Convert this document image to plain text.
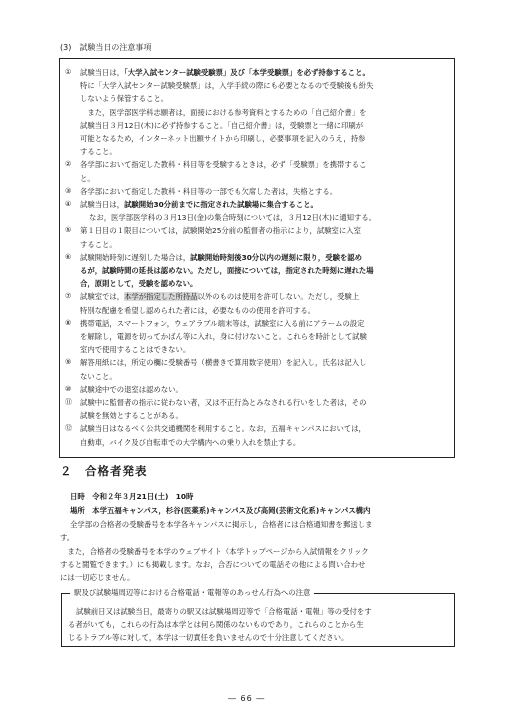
(3)　試験当日の注意事項
①	試験当日は，「大学入試センター試験受験票」及び「本学受験票」を必ず持参すること。
特に「大学入試センター試験受験票」は，入学手続の際にも必要となるので受験後も紛失
しないよう保管すること。
　また，医学部医学科志願者は，面接における参考資料とするための「自己紹介書」を
試験当日３月12日(木)に必ず持参すること。「自己紹介書」は，受験票と一緒に印刷が
可能となるため，インターネット出願サイトから印刷し，必要事項を記入のうえ，持参
すること。
②	各学部において指定した教科・科目等を受験するときは，必ず「受験票」を携帯するこ
と。
③	各学部において指定した教科・科目等の一部でも欠席した者は，失格とする。
④	試験当日は，試験開始30分前までに指定された試験場に集合すること。
なお，医学部医学科の３月13日(金)の集合時刻については，３月12日(木)に通知する。
⑤	第１日目の１限目については，試験開始25分前の監督者の指示により，試験室に入室
すること。
⑥	試験開始時刻に遅刻した場合は，試験開始時刻後30分以内の遅刻に限り，受験を認め
るが，試験時間の延長は認めない。ただし，面接については，指定された時刻に遅れた場
合，原則として，受験を認めない。
⑦	試験室では，本学が指定した所持品以外のものは使用を許可しない。ただし，受験上
特別な配慮を希望し認められた者には，必要なものの使用を許可する。
⑧	携帯電話，スマートフォン，ウェアラブル端末等は，試験室に入る前にアラームの設定
を解除し，電源を切ってかばん等に入れ，身に付けないこと。これらを時計として試験
室内で使用することはできない。
⑨	解答用紙には，所定の欄に受験番号（横書きで算用数字使用）を記入し，氏名は記入し
ないこと。
⑩	試験途中での退室は認めない。
⑪	試験中に監督者の指示に従わない者，又は不正行為とみなされる行いをした者は，その
試験を無効とすることがある。
⑫	試験当日はなるべく公共交通機関を利用すること。なお，五福キャンパスにおいては，
自動車，バイク及び自転車での大学構内への乗り入れを禁止する。
２　合格者発表
日時　令和２年３月21日(土)　10時
場所　本学五福キャンパス，杉谷(医薬系)キャンパス及び高岡(芸術文化系)キャンパス構内
全学部の合格者の受験番号を本学各キャンパスに掲示し，合格者には合格通知書を郵送しま
す。
　また，合格者の受験番号を本学のウェブサイト（本学トップページから入試情報をクリック
すると閲覧できます。）にも掲載します。なお，合否についての電話その他による問い合わせ
には一切応じません。
駅及び試験場周辺等における合格電話・電報等のあっせん行為への注意
試験前日又は試験当日，最寄りの駅又は試験場周辺等で「合格電話・電報」等の受付をす
る者がいても，これらの行為は本学とは何ら関係のないものであり，これらのことから生
じるトラブル等に対して，本学は一切責任を負いませんので十分注意してください。
― 66 ―
